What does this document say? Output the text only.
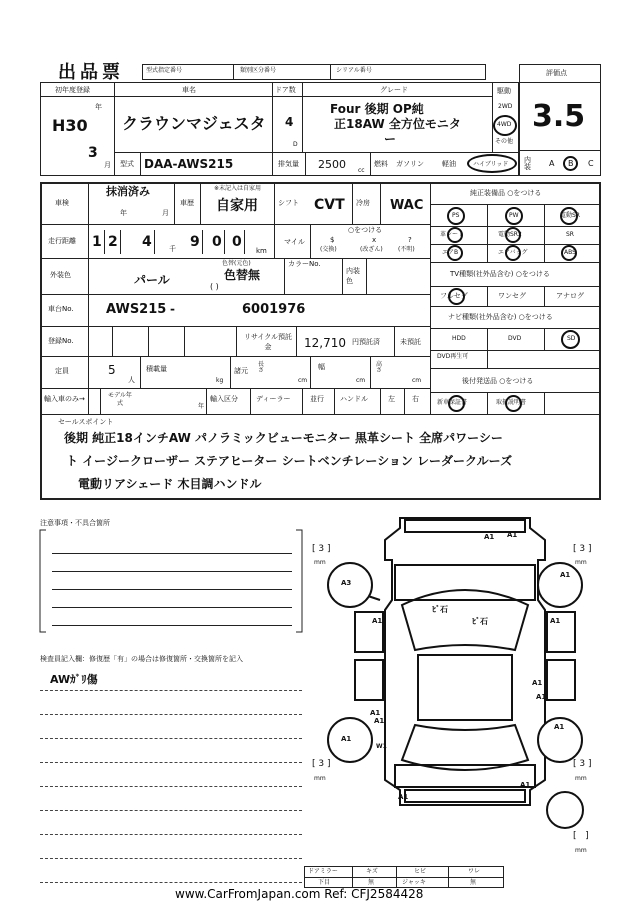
出品票	型式指定番号	類別区分番号	シリアル番号	評価点
3.5
内装	A B C
初年度登録
H30
年
3
月
車名
クラウンマジェスタ
型式 DAA-AWS215
ドア数
4
D
グレード
Four 後期 OP純
正18AW 全方位モニタ
ー
駆動
2WD
4WD
その他
排気量 2500 cc
燃料 ガソリン	軽油	ハイブリッド
車検
抹消済み
年	月
車歴
※末記入は自家用
自家用	シフト CVT 冷房 WAC
走行距離 1 2 4	9 0 0
千	km
マイル
○をつける
$
(交換)
x
(改ざん)
?
(不明)
外装色	パール
色替(元色)
色替無
( )
カラーNo.
内装色
車台No. AWS215 -	6001976
登録No.	リサイクル預託金	12,710 円預託済	未預託
定員	5
人
積載量
kg
諸元
長さ
cm
幅
cm
高さ
cm
輸入車のみ→	モデル年式	年
輸入区分	ディーラー	並行 ハンドル	左 右
純正装備品 ○をつける
PS	PW	電動SR
革シート	電動SR2	SR
エアB	エアバッグ	ABS
TV種類(社外品含む) ○をつける
フルセグ	ワンセグ	アナログ
ナビ種類(社外品含む) ○をつける
HDD	DVD	SD
DVD再生可
後付発送品 ○をつける
新車保証書	取扱説明書
セールスポイント
後期 純正18インチAW パノラミックビューモニター 黒革シート 全席パワーシー
ト イージークローザー ステアヒーター シートベンチレーション レーダークルーズ
電動リアシェード 木目調ハンドル
注意事項・不具合箇所
検査員記入欄：修復歴「有」の場合は修復箇所・交換箇所を記入
AWｶﾞﾘ傷
[ 3 ]
mm
[ 3 ]
mm
[ 3 ]
mm
[ 3 ]
mm
[   ]
mm
A1 A1
A3
A1
ﾋﾞ石
ﾋﾞ石
A1	A1
A1
A1
A1
A1
A1
W1
A1
A1
A1
ドアミラー	キズ	ヒビ	ワレ
下目	無	ジャッキ	無
www.CarFromJapan.com Ref: CFJ2584428
